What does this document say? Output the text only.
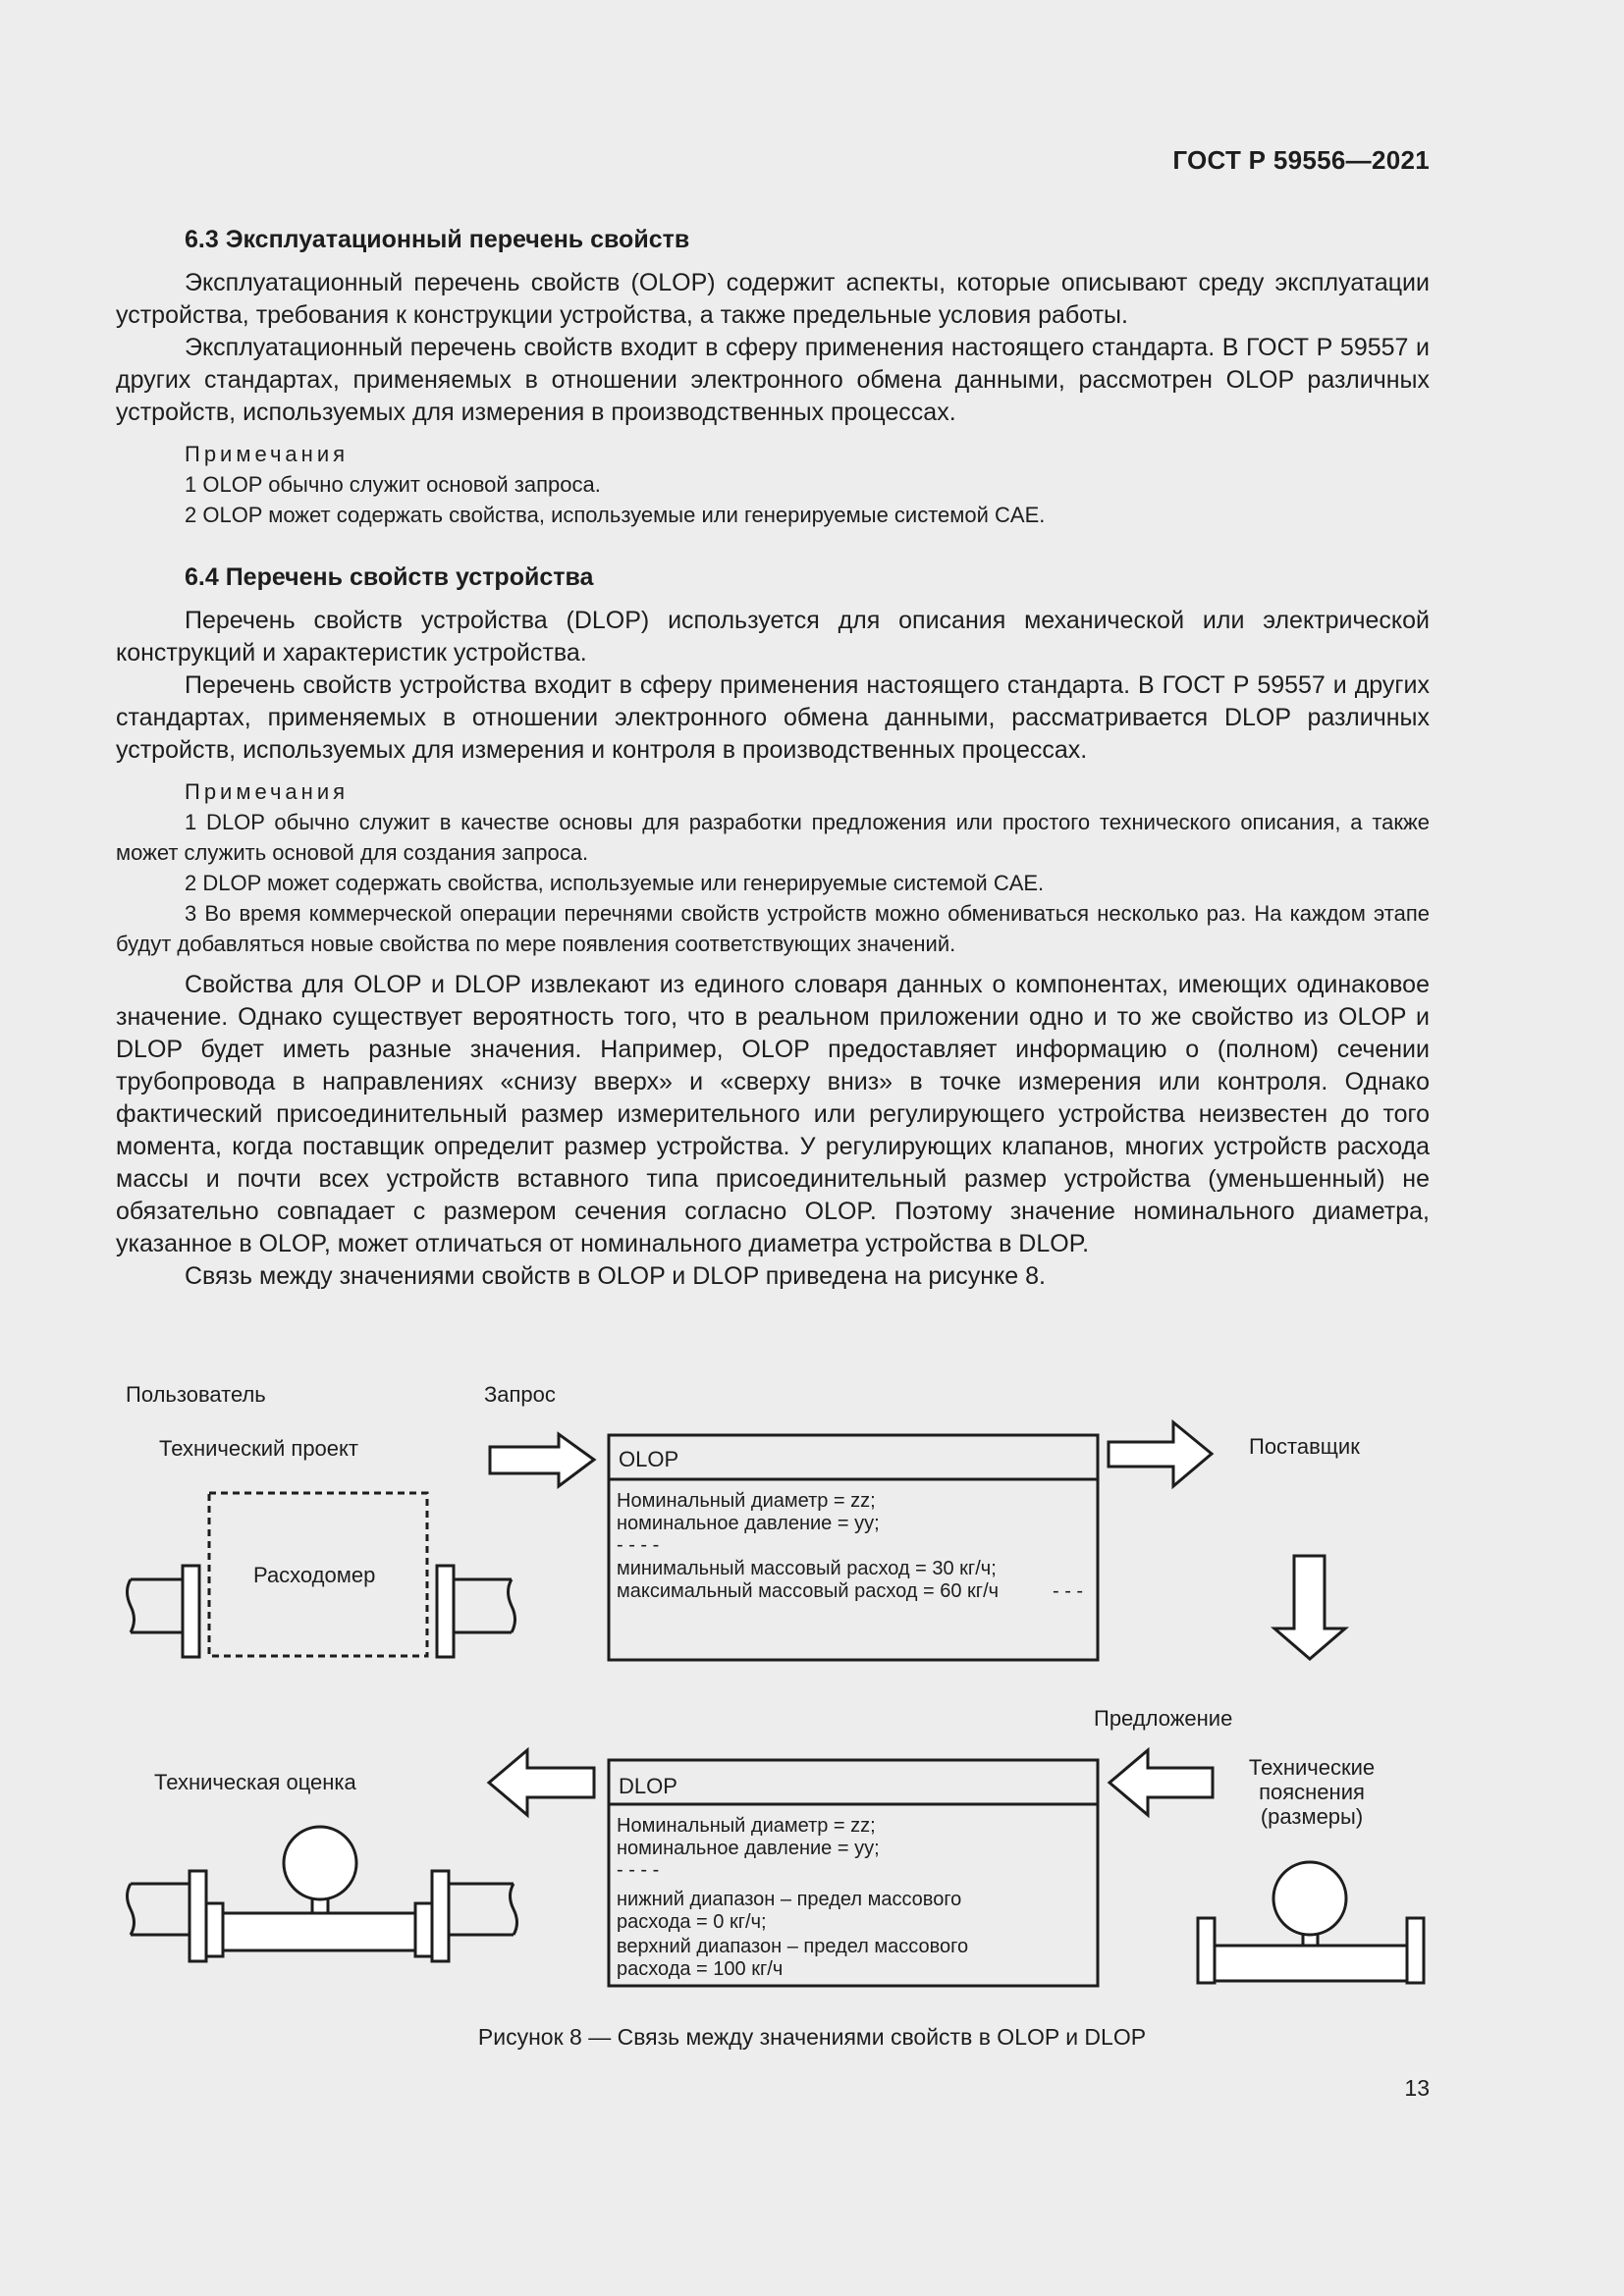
ГОСТ Р 59556—2021
6.3 Эксплуатационный перечень свойств

Эксплуатационный перечень свойств (OLOP) содержит аспекты, которые описывают среду эксплуатации устройства, требования к конструкции устройства, а также предельные условия работы.

Эксплуатационный перечень свойств входит в сферу применения настоящего стандарта. В ГОСТ Р 59557 и других стандартах, применяемых в отношении электронного обмена данными, рассмотрен OLOP различных устройств, используемых для измерения в производственных процессах.

Примечания
1 OLOP обычно служит основой запроса.
2 OLOP может содержать свойства, используемые или генерируемые системой CAE.
6.4 Перечень свойств устройства

Перечень свойств устройства (DLOP) используется для описания механической или электрической конструкций и характеристик устройства.

Перечень свойств устройства входит в сферу применения настоящего стандарта. В ГОСТ Р 59557 и других стандартах, применяемых в отношении электронного обмена данными, рассматривается DLOP различных устройств, используемых для измерения и контроля в производственных процессах.

Примечания
1 DLOP обычно служит в качестве основы для разработки предложения или простого технического описания, а также может служить основой для создания запроса.
2 DLOP может содержать свойства, используемые или генерируемые системой CAE.
3 Во время коммерческой операции перечнями свойств устройств можно обмениваться несколько раз. На каждом этапе будут добавляться новые свойства по мере появления соответствующих значений.

Свойства для OLOP и DLOP извлекают из единого словаря данных о компонентах, имеющих одинаковое значение. Однако существует вероятность того, что в реальном приложении одно и то же свойство из OLOP и DLOP будет иметь разные значения. Например, OLOP предоставляет информацию о (полном) сечении трубопровода в направлениях «снизу вверх» и «сверху вниз» в точке измерения или контроля. Однако фактический присоединительный размер измерительного или регулирующего устройства неизвестен до того момента, когда поставщик определит размер устройства. У регулирующих клапанов, многих устройств расхода массы и почти всех устройств вставного типа присоединительный размер устройства (уменьшенный) не обязательно совпадает с размером сечения согласно OLOP. Поэтому значение номинального диаметра, указанное в OLOP, может отличаться от номинального диаметра устройства в DLOP.

Связь между значениями свойств в OLOP и DLOP приведена на рисунке 8.

Пользователь	Запрос
Технический проект	Поставщик
OLOP
Номинальный диаметр = zz;
номинальное давление = yy;
- - - -
минимальный массовый расход = 30 кг/ч;
максимальный массовый расход = 60 кг/ч	- - -
Расходомер
Предложение
Техническая оценка	DLOP
Номинальный диаметр = zz;
номинальное давление = yy;
- - - -
нижний диапазон – предел массового
расхода = 0 кг/ч;
верхний диапазон – предел массового
расхода = 100 кг/ч
Технические
пояснения
(размеры)
Рисунок 8 — Связь между значениями свойств в OLOP и DLOP
13
